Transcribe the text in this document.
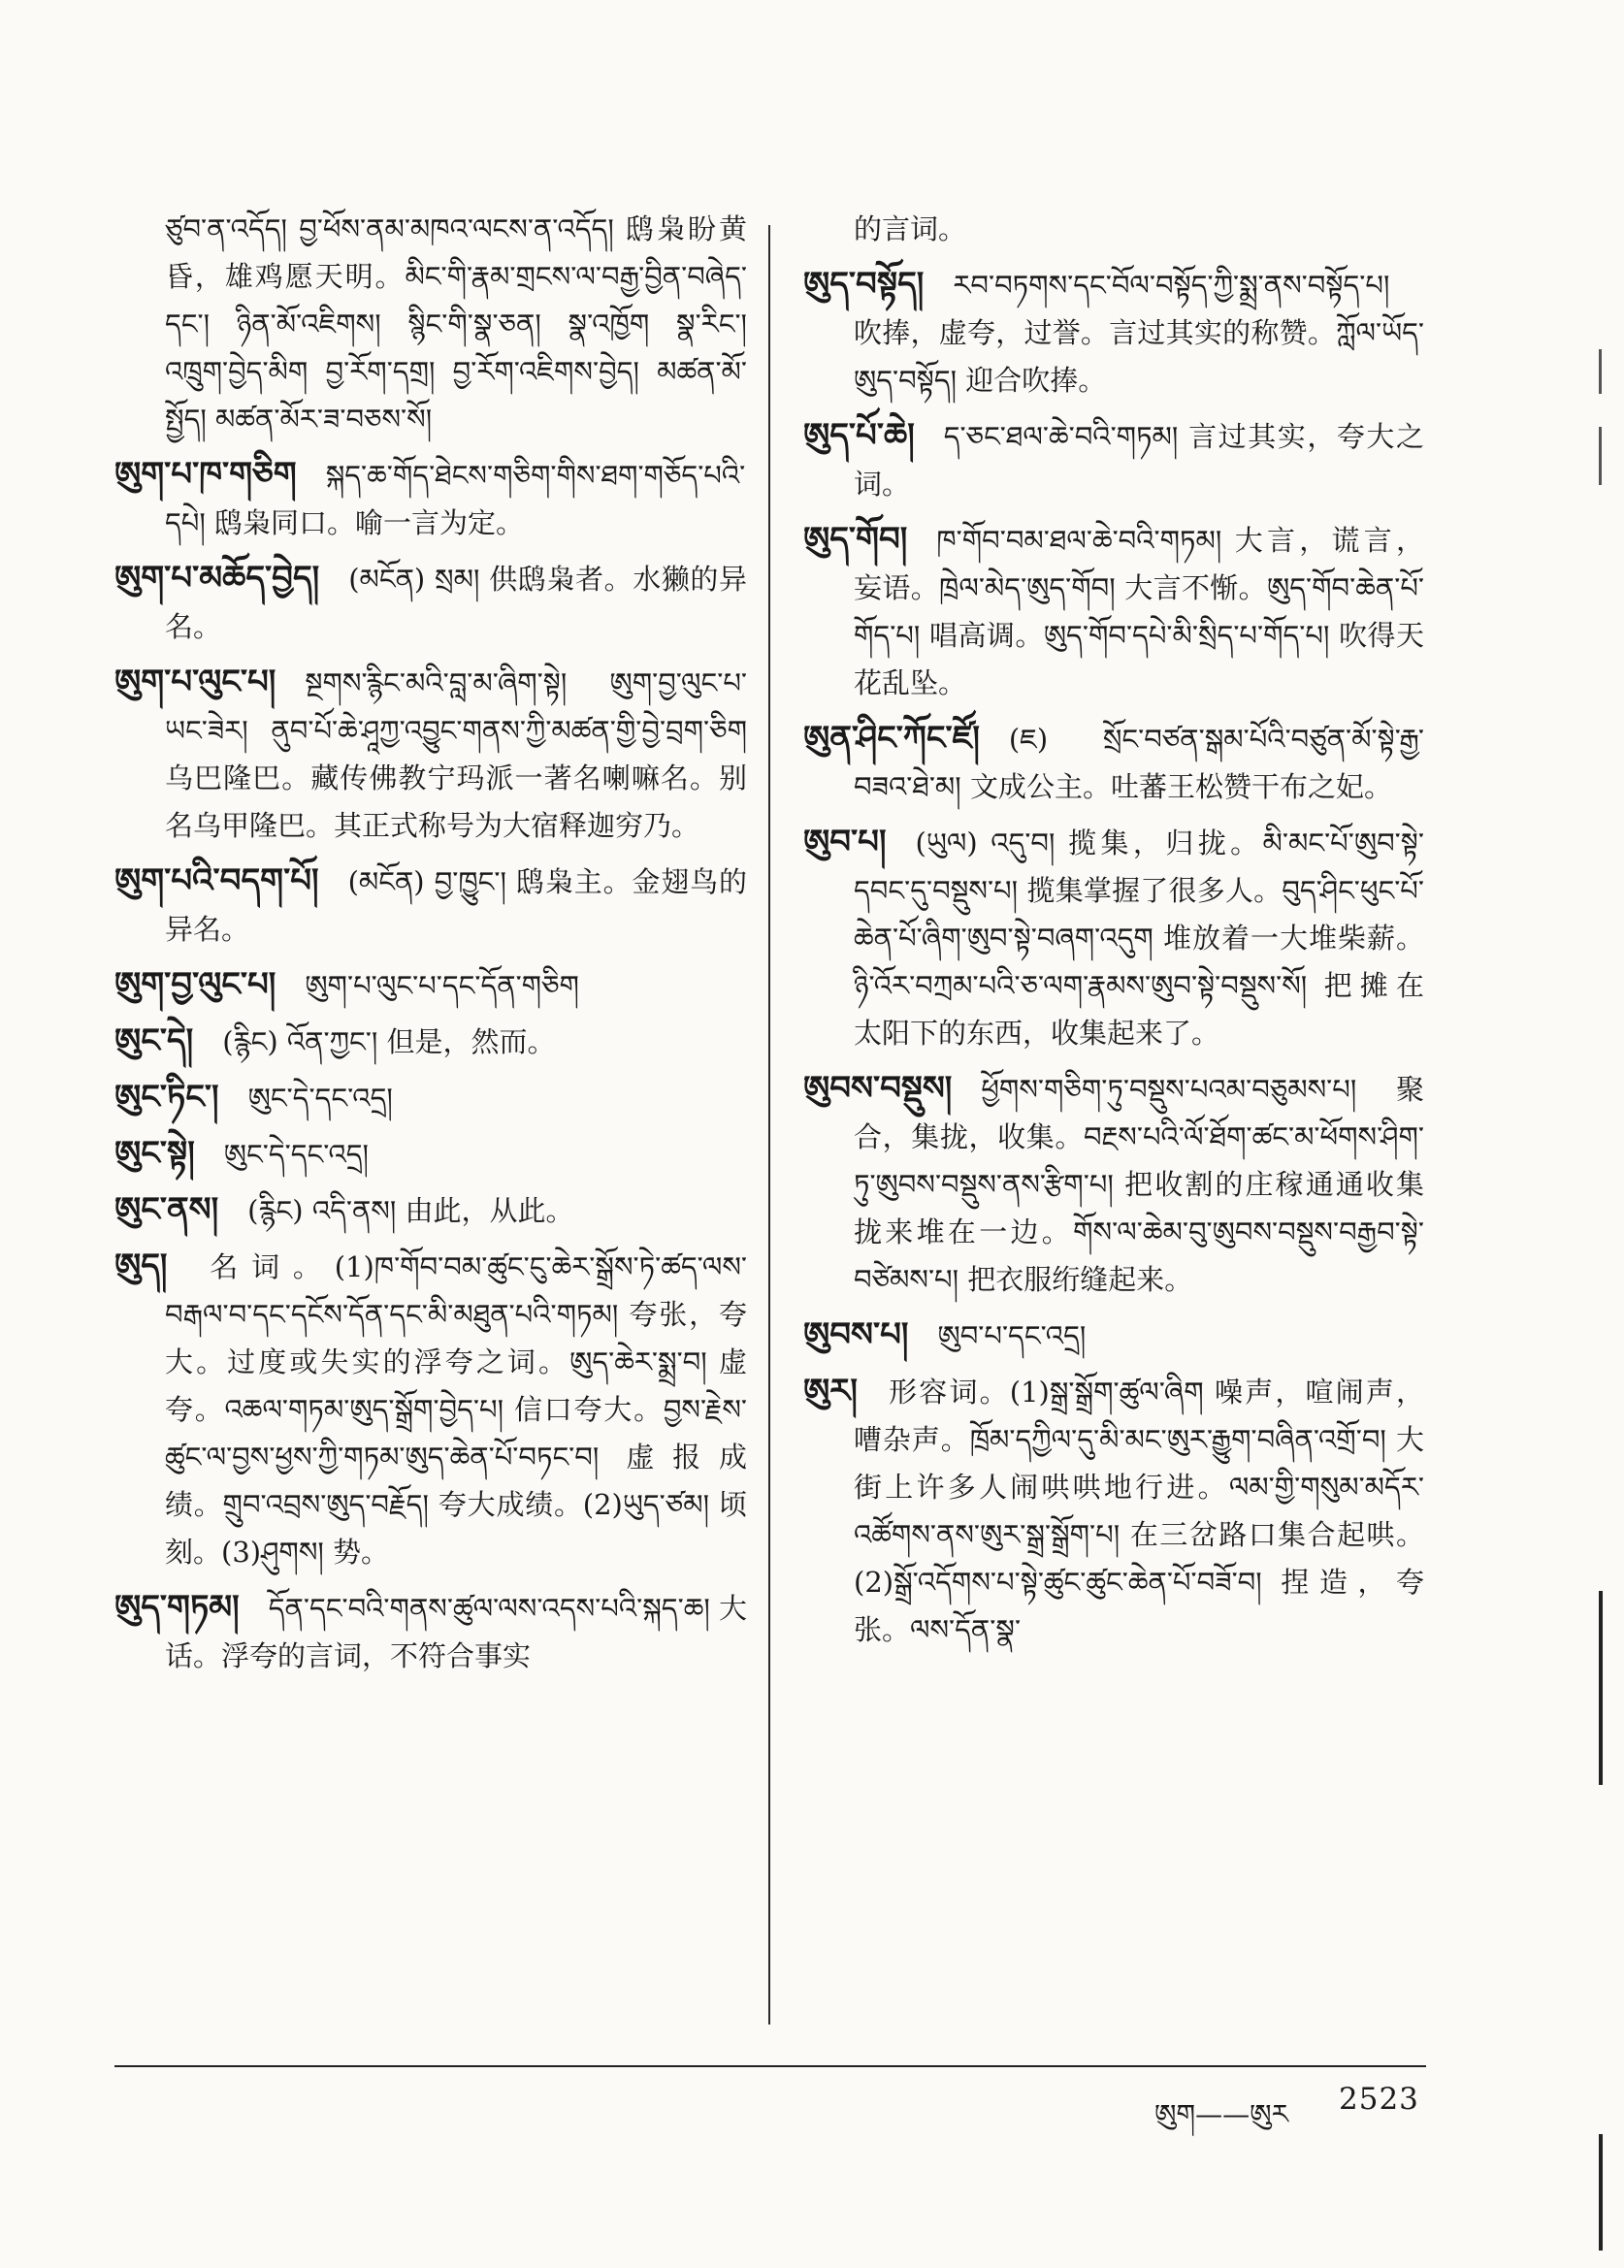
ཙུབ་ན་འདོད། བྱ་ཕོས་ནམ་མཁའ་ལངས་ན་འདོད། 鸱枭盼黄昏，雄鸡愿天明。མིང་གི་རྣམ་གྲངས་ལ་བརྒྱ་བྱིན་བཞེད་དང་། ཉིན་མོ་འཇིགས། སྙིང་གི་སྣ་ཅན། སྣ་འཁྱོག སྣ་རིང་། འཁྲུག་བྱེད་མིག བྱ་རོག་དགྲ། བྱ་རོག་འཇིགས་བྱེད། མཚན་མོ་སྤྱོད། མཚན་མོར་ཟ་བཅས་སོ།

ཨུག་པ་ཁ་གཅིག སྐད་ཆ་གོད་ཐེངས་གཅིག་གིས་ཐག་གཅོད་པའི་དཔེ། 鸱枭同口。喻一言为定。

ཨུག་པ་མཆོད་བྱེད། (མངོན) སྲམ། 供鸱枭者。水獭的异名。

ཨུག་པ་ལུང་པ། སྔགས་རྙིང་མའི་བླ་མ་ཞིག་སྟེ། ཨུག་བྱ་ལུང་པ་ཡང་ཟེར། ནུབ་པོ་ཆེ་ཤཱཀྱ་འབྱུང་གནས་ཀྱི་མཚན་གྱི་བྱེ་བྲག་ཅིག 乌巴隆巴。藏传佛教宁玛派一著名喇嘛名。别名乌甲隆巴。其正式称号为大宿释迦穷乃。

ཨུག་པའི་བདག་པོ། (མངོན) བྱ་ཁྱུང་། 鸱枭主。金翅鸟的异名。

ཨུག་བྱ་ལུང་པ། ཨུག་པ་ལུང་པ་དང་དོན་གཅིག

ཨུང་དེ། (རྙིང) འོན་ཀྱང་། 但是，然而。

ཨུང་ཏིང་། ཨུང་དེ་དང་འདྲ།

ཨུང་སྟེ། ཨུང་དེ་དང་འདྲ།

ཨུང་ནས། (རྙིང) འདི་ནས། 由此，从此。

ཨུད། 名词。(1)ཁ་གོབ་བམ་ཚུང་ངུ་ཆེར་སྒྲོས་ཏེ་ཚད་ལས་བརྒལ་བ་དང་དངོས་དོན་དང་མི་མཐུན་པའི་གཏམ། 夸张，夸大。过度或失实的浮夸之词。ཨུད་ཆེར་སྨྲ་བ། 虚夸。འཆལ་གཏམ་ཨུད་སྒྲོག་བྱེད་པ། 信口夸大。བྱས་རྗེས་ཚུང་ལ་བྱས་ཕྱས་ཀྱི་གཏམ་ཨུད་ཆེན་པོ་བཏང་བ། 虚报成绩。གྲུབ་འབྲས་ཨུད་བརྗོད། 夸大成绩。(2)ཡུད་ཙམ། 顷刻。(3)ཤུགས། 势。

ཨུད་གཏམ། དོན་དང་བའི་གནས་ཚུལ་ལས་འདས་པའི་སྐད་ཆ། 大话。浮夸的言词，不符合事实

的言词。

ཨུད་བསྟོད། རབ་བཏགས་དང་བོལ་བསྟོད་ཀྱི་སྨྲ་ནས་བསྟོད་པ། 吹捧，虚夸，过誉。言过其实的称赞。ཀློལ་ཡོད་ཨུད་བསྟོད། 迎合吹捧。

ཨུད་པོ་ཆེ། ད་ཅང་ཐལ་ཆེ་བའི་གཏམ། 言过其实，夸大之词。

ཨུད་གོབ། ཁ་གོབ་བམ་ཐལ་ཆེ་བའི་གཏམ། 大言，谎言，妄语。ཁྲེལ་མེད་ཨུད་གོབ། 大言不惭。ཨུད་གོབ་ཆེན་པོ་གོད་པ། 唱高调。ཨུད་གོབ་དཔེ་མི་སྲིད་པ་གོད་པ། 吹得天花乱坠。

ཨུན་ཤིང་ཀོང་ཛོ། (ཇ) སྲོང་བཙན་སྒམ་པོའི་བཙུན་མོ་སྟེ་རྒྱ་བཟའ་ཐེ་མ། 文成公主。吐蕃王松赞干布之妃。

ཨུབ་པ། (ཡུལ) འདུ་བ། 揽集，归拢。མི་མང་པོ་ཨུབ་སྟེ་དབང་དུ་བསྡུས་པ། 揽集掌握了很多人。བུད་ཤིང་ཕུང་པོ་ཆེན་པོ་ཞིག་ཨུབ་སྟེ་བཞག་འདུག 堆放着一大堆柴薪。ཉི་འོར་བཀྲམ་པའི་ཅ་ལག་རྣམས་ཨུབ་སྟེ་བསྡུས་སོ། 把摊在太阳下的东西，收集起来了。

ཨུབས་བསྡུས། ཕྱོགས་གཅིག་ཏུ་བསྡུས་པའམ་བཅུམས་པ། 聚合，集拢，收集。བརྔས་པའི་ལོ་ཐོག་ཚང་མ་ཕོགས་ཤིག་ཏུ་ཨུབས་བསྡུས་ནས་རྩིག་པ། 把收割的庄稼通通收集拢来堆在一边。གོས་ལ་ཆེམ་བུ་ཨུབས་བསྡུས་བརྒྱབ་སྟེ་བཙེམས་པ། 把衣服绗缝起来。

ཨུབས་པ། ཨུབ་པ་དང་འདྲ།

ཨུར། 形容词。(1)སྒྲ་སྒྲོག་ཚུལ་ཞིག 噪声，喧闹声，嘈杂声。ཁྲོམ་དཀྱིལ་དུ་མི་མང་ཨུར་རྒྱུག་བཞིན་འགྲོ་བ། 大街上许多人闹哄哄地行进。ལམ་གྱི་གསུམ་མདོར་འཚོགས་ནས་ཨུར་སྒྲ་སྒྲོག་པ། 在三岔路口集合起哄。(2)སྒྲོ་འདོགས་པ་སྟེ་ཚུང་ཚུང་ཆེན་པོ་བཟོ་བ། 捏造，夸张。ལས་དོན་སྣ་

ཨུག——ཨུར 2523
